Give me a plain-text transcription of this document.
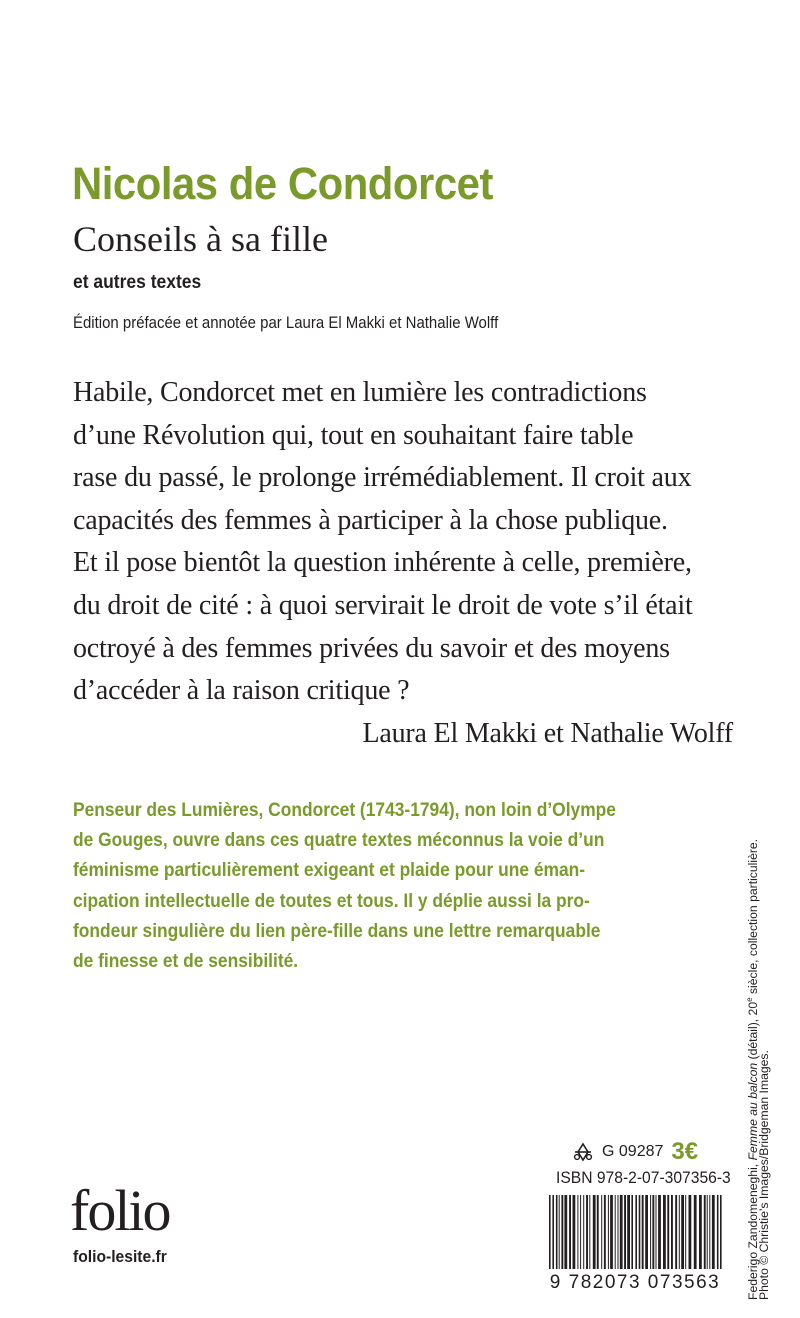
Nicolas de Condorcet
Conseils à sa fille
et autres textes
Édition préfacée et annotée par Laura El Makki et Nathalie Wolff
Habile, Condorcet met en lumière les contradictions
d’une Révolution qui, tout en souhaitant faire table
rase du passé, le prolonge irrémédiablement. Il croit aux
capacités des femmes à participer à la chose publique.
Et il pose bientôt la question inhérente à celle, première,
du droit de cité : à quoi servirait le droit de vote s’il était
octroyé à des femmes privées du savoir et des moyens
d’accéder à la raison critique ?
Laura El Makki et Nathalie Wolff
Penseur des Lumières, Condorcet (1743-1794), non loin d’Olympe
de Gouges, ouvre dans ces quatre textes méconnus la voie d’un
féminisme particulièrement exigeant et plaide pour une éman-
cipation intellectuelle de toutes et tous. Il y déplie aussi la pro-
fondeur singulière du lien père-fille dans une lettre remarquable
de finesse et de sensibilité.
folio
folio-lesite.fr
G 09287 3€
ISBN 978-2-07-307356-3
9 782073 073563	Federigo Zandomeneghi, Femme au balcon (détail), 20e siècle, collection particulière.
Photo © Christie’s Images/Bridgeman Images.
